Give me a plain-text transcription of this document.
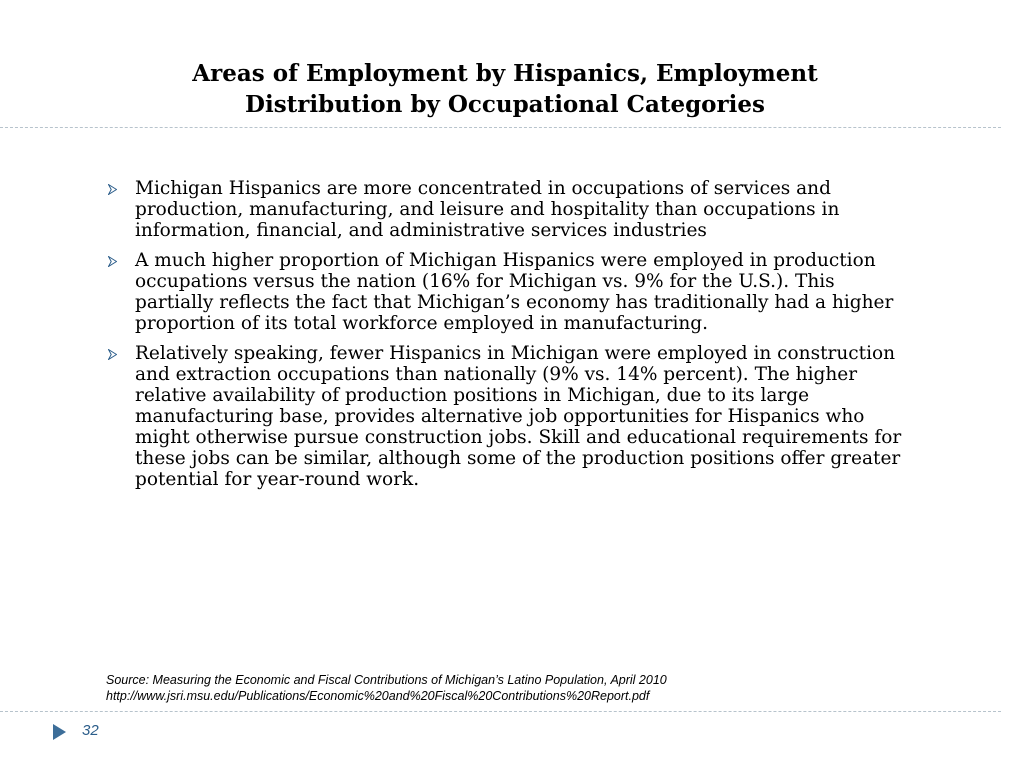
Areas of Employment by Hispanics, Employment
Distribution by Occupational Categories
Michigan Hispanics are more concentrated in occupations of services and production, manufacturing, and leisure and hospitality than occupations in information, financial, and administrative services industries
A much higher proportion of Michigan Hispanics were employed in production occupations versus the nation (16% for Michigan vs. 9% for the U.S.). This partially reflects the fact that Michigan’s economy has traditionally had a higher proportion of its total workforce employed in manufacturing.
Relatively speaking, fewer Hispanics in Michigan were employed in construction and extraction occupations than nationally (9% vs. 14% percent). The higher relative availability of production positions in Michigan, due to its large manufacturing base, provides alternative job opportunities for Hispanics who might otherwise pursue construction jobs. Skill and educational requirements for these jobs can be similar, although some of the production positions offer greater potential for year-round work.
Source: Measuring the Economic and Fiscal Contributions of Michigan’s Latino Population, April 2010
http://www.jsri.msu.edu/Publications/Economic%20and%20Fiscal%20Contributions%20Report.pdf
32
